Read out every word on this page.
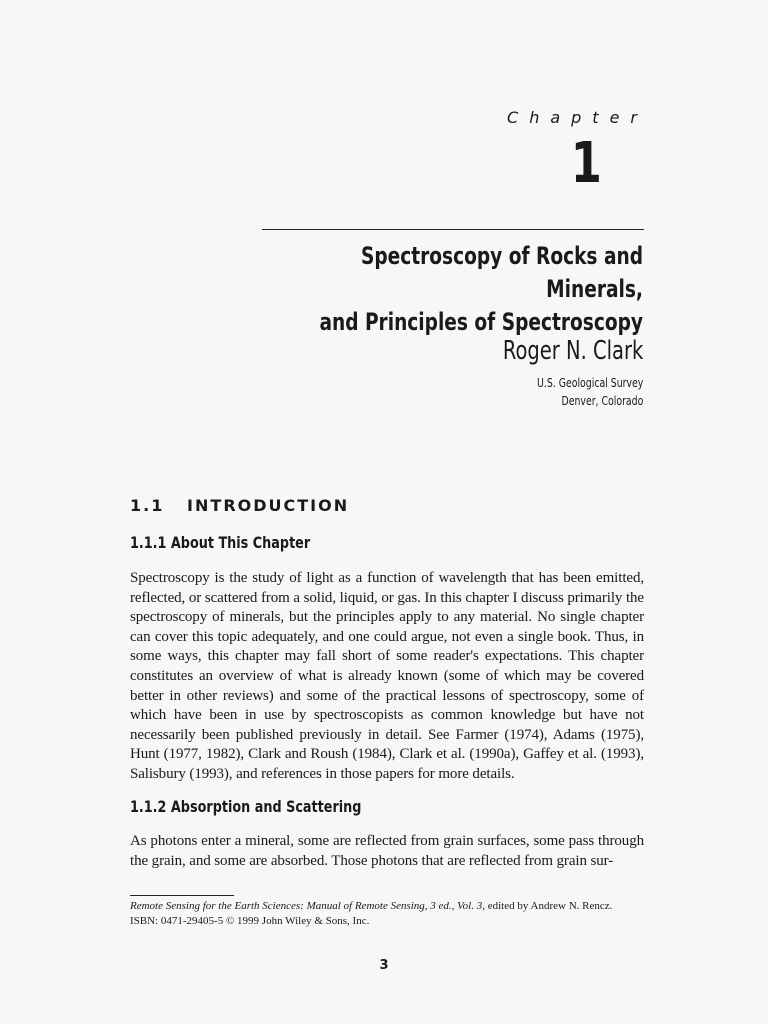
Chapter

1

Spectroscopy of Rocks and Minerals,
and Principles of Spectroscopy

Roger N. Clark

U.S. Geological Survey
Denver, Colorado
1.1   INTRODUCTION
1.1.1 About This Chapter

Spectroscopy is the study of light as a function of wavelength that has been emitted, reflected, or scattered from a solid, liquid, or gas. In this chapter I discuss primarily the spectroscopy of minerals, but the principles apply to any material. No single chapter can cover this topic adequately, and one could argue, not even a single book. Thus, in some ways, this chapter may fall short of some reader's expectations. This chapter constitutes an overview of what is already known (some of which may be covered better in other reviews) and some of the practical lessons of spectroscopy, some of which have been in use by spectroscopists as common knowledge but have not necessarily been published previously in detail. See Farmer (1974), Adams (1975), Hunt (1977, 1982), Clark and Roush (1984), Clark et al. (1990a), Gaffey et al. (1993), Salisbury (1993), and references in those papers for more details.

1.1.2 Absorption and Scattering

As photons enter a mineral, some are reflected from grain surfaces, some pass through the grain, and some are absorbed. Those photons that are reflected from grain sur-

Remote Sensing for the Earth Sciences: Manual of Remote Sensing, 3 ed., Vol. 3, edited by Andrew N. Rencz.
ISBN: 0471-29405-5 © 1999 John Wiley & Sons, Inc.
3
